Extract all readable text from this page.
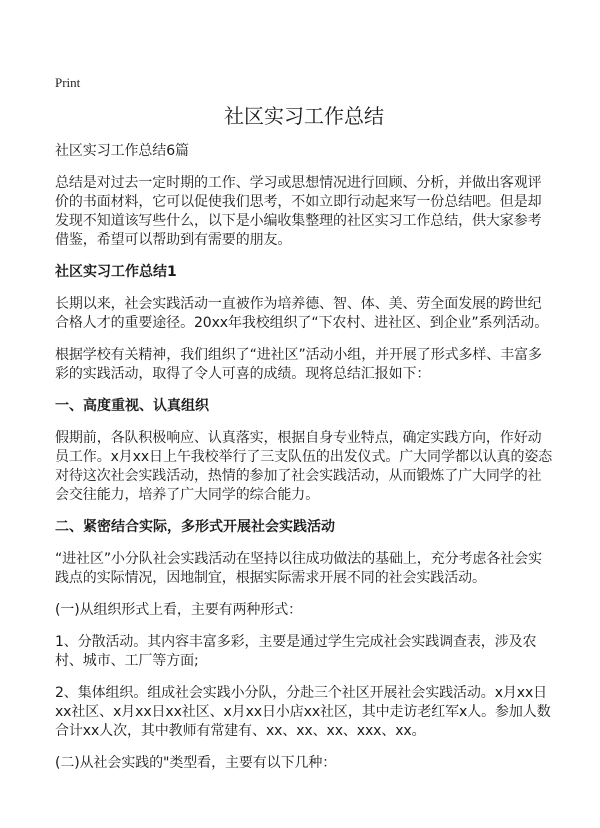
Print
社区实习工作总结

社区实习工作总结6篇

总结是对过去一定时期的工作、学习或思想情况进行回顾、分析，并做出客观评价的书面材料，它可以促使我们思考，不如立即行动起来写一份总结吧。但是却发现不知道该写些什么，以下是小编收集整理的社区实习工作总结，供大家参考借鉴，希望可以帮助到有需要的朋友。

社区实习工作总结1

长期以来，社会实践活动一直被作为培养德、智、体、美、劳全面发展的跨世纪合格人才的重要途径。20xx年我校组织了“下农村、进社区、到企业”系列活动。

根据学校有关精神，我们组织了“进社区”活动小组，并开展了形式多样、丰富多彩的实践活动，取得了令人可喜的成绩。现将总结汇报如下：

一、高度重视、认真组织

假期前，各队积极响应、认真落实，根据自身专业特点，确定实践方向，作好动员工作。x月xx日上午我校举行了三支队伍的出发仪式。广大同学都以认真的姿态对待这次社会实践活动，热情的参加了社会实践活动，从而锻炼了广大同学的社会交往能力，培养了广大同学的综合能力。

二、紧密结合实际，多形式开展社会实践活动

“进社区”小分队社会实践活动在坚持以往成功做法的基础上，充分考虑各社会实践点的实际情况，因地制宜，根据实际需求开展不同的社会实践活动。

(一)从组织形式上看，主要有两种形式：

1、分散活动。其内容丰富多彩，主要是通过学生完成社会实践调查表，涉及农村、城市、工厂等方面;

2、集体组织。组成社会实践小分队，分赴三个社区开展社会实践活动。x月xx日xx社区、x月xx日xx社区、x月xx日小店xx社区，其中走访老红军x人。参加人数合计xx人次，其中教师有常建有、xx、xx、xx、xxx、xx。

(二)从社会实践的"类型看，主要有以下几种：
